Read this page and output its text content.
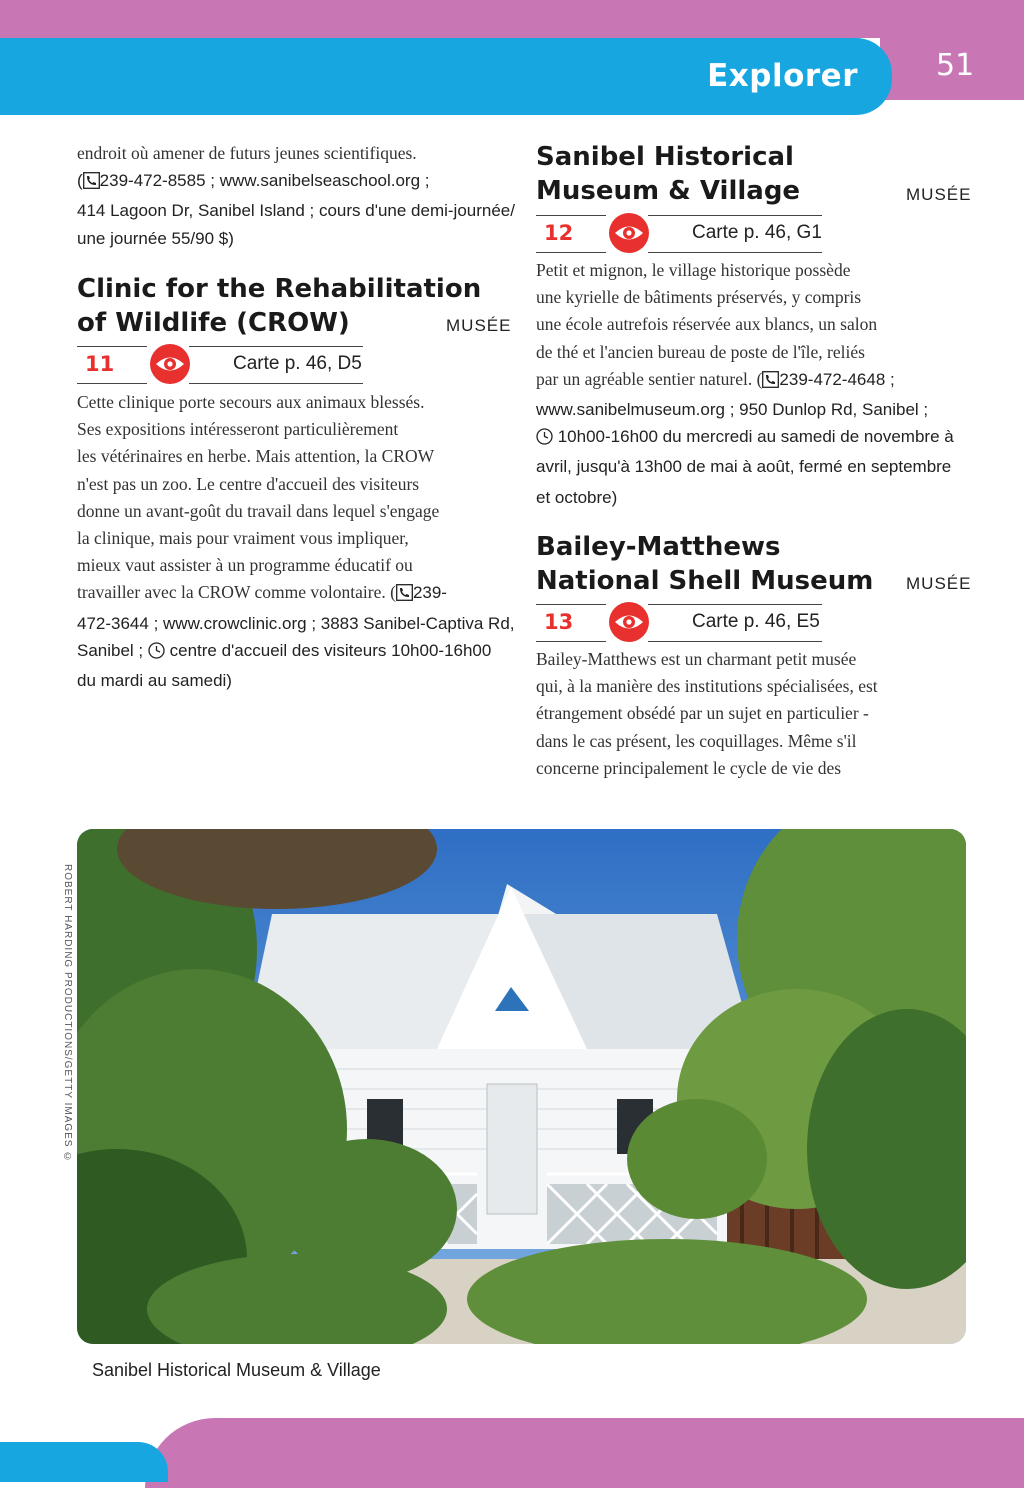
Explorer	51
endroit où amener de futurs jeunes scientifiques.
( 239-472-8585 ; www.sanibelseaschool.org ;
414 Lagoon Dr, Sanibel Island ; cours d'une demi-journée/
une journée 55/90 $)
Clinic for the Rehabilitation
of Wildlife (CROW)	MUSÉE
11	Carte p. 46, D5
Cette clinique porte secours aux animaux blessés.
Ses expositions intéresseront particulièrement
les vétérinaires en herbe. Mais attention, la CROW
n'est pas un zoo. Le centre d'accueil des visiteurs
donne un avant-goût du travail dans lequel s'engage
la clinique, mais pour vraiment vous impliquer,
mieux vaut assister à un programme éducatif ou
travailler avec la CROW comme volontaire. ( 239-
472-3644 ; www.crowclinic.org ; 3883 Sanibel-Captiva Rd,
Sanibel ;  centre d'accueil des visiteurs 10h00-16h00
du mardi au samedi)
Sanibel Historical
Museum & Village	MUSÉE
12	Carte p. 46, G1
Petit et mignon, le village historique possède
une kyrielle de bâtiments préservés, y compris
une école autrefois réservée aux blancs, un salon
de thé et l'ancien bureau de poste de l'île, reliés
par un agréable sentier naturel. ( 239-472-4648 ;
www.sanibelmuseum.org ; 950 Dunlop Rd, Sanibel ;
10h00-16h00 du mercredi au samedi de novembre à
avril, jusqu'à 13h00 de mai à août, fermé en septembre
et octobre)
Bailey-Matthews
National Shell Museum	MUSÉE
13	Carte p. 46, E5
Bailey-Matthews est un charmant petit musée
qui, à la manière des institutions spécialisées, est
étrangement obsédé par un sujet en particulier -
dans le cas présent, les coquillages. Même s'il
concerne principalement le cycle de vie des
ROBERT HARDING PRODUCTIONS/GETTY IMAGES ©
Sanibel Historical Museum & Village
